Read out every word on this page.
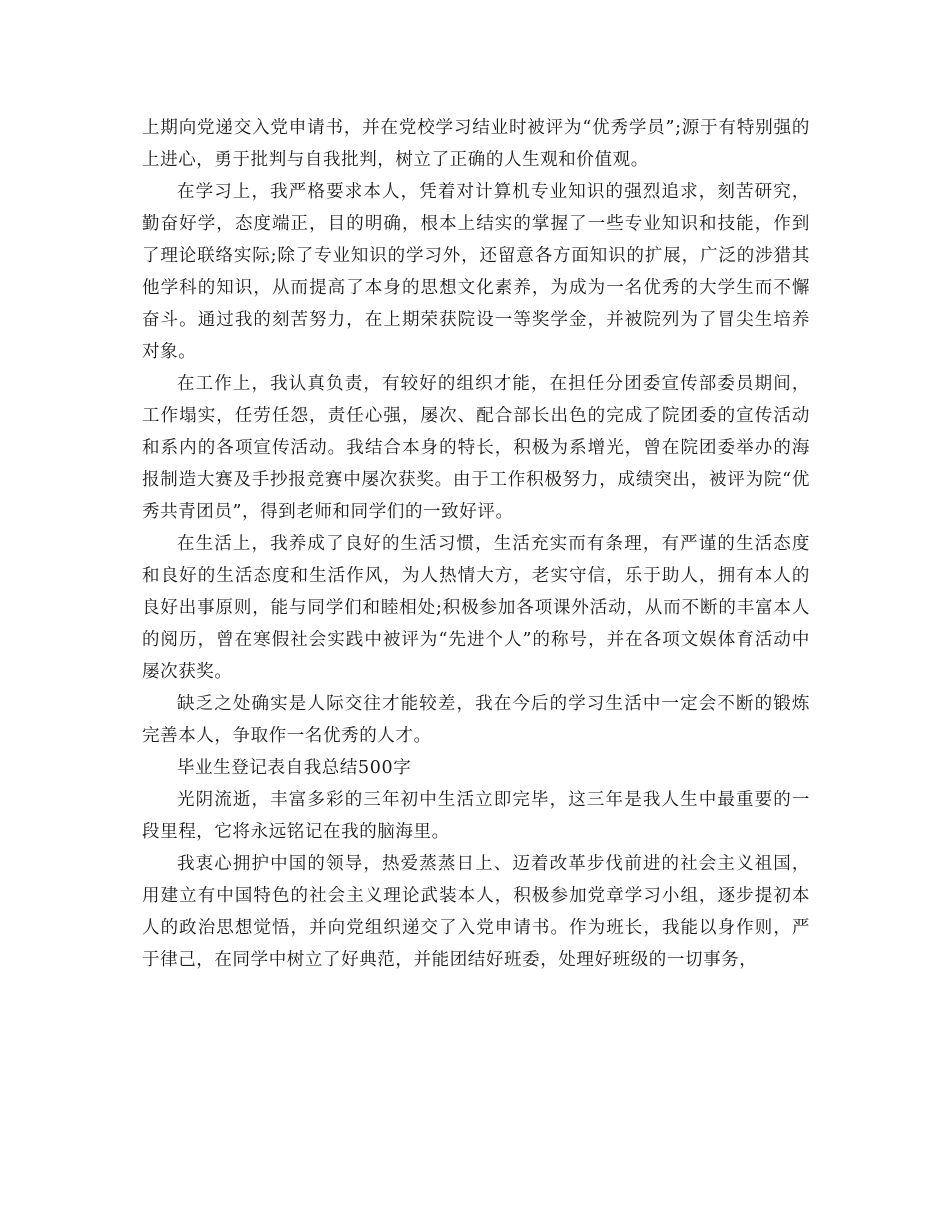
上期向党递交入党申请书，并在党校学习结业时被评为“优秀学员”;源于有特别强的上进心，勇于批判与自我批判，树立了正确的人生观和价值观。

在学习上，我严格要求本人，凭着对计算机专业知识的强烈追求，刻苦研究，勤奋好学，态度端正，目的明确，根本上结实的掌握了一些专业知识和技能，作到了理论联络实际;除了专业知识的学习外，还留意各方面知识的扩展，广泛的涉猎其他学科的知识，从而提高了本身的思想文化素养，为成为一名优秀的大学生而不懈奋斗。通过我的刻苦努力，在上期荣获院设一等奖学金，并被院列为了冒尖生培养对象。

在工作上，我认真负责，有较好的组织才能，在担任分团委宣传部委员期间，工作塌实，任劳任怨，责任心强，屡次、配合部长出色的完成了院团委的宣传活动和系内的各项宣传活动。我结合本身的特长，积极为系增光，曾在院团委举办的海报制造大赛及手抄报竞赛中屡次获奖。由于工作积极努力，成绩突出，被评为院“优秀共青团员”，得到老师和同学们的一致好评。

在生活上，我养成了良好的生活习惯，生活充实而有条理，有严谨的生活态度和良好的生活态度和生活作风，为人热情大方，老实守信，乐于助人，拥有本人的良好出事原则，能与同学们和睦相处;积极参加各项课外活动，从而不断的丰富本人的阅历，曾在寒假社会实践中被评为“先进个人”的称号，并在各项文娱体育活动中屡次获奖。

缺乏之处确实是人际交往才能较差，我在今后的学习生活中一定会不断的锻炼完善本人，争取作一名优秀的人才。

毕业生登记表自我总结500字

光阴流逝，丰富多彩的三年初中生活立即完毕，这三年是我人生中最重要的一段里程，它将永远铭记在我的脑海里。

我衷心拥护中国的领导，热爱蒸蒸日上、迈着改革步伐前进的社会主义祖国，用建立有中国特色的社会主义理论武装本人，积极参加党章学习小组，逐步提初本人的政治思想觉悟，并向党组织递交了入党申请书。作为班长，我能以身作则，严于律己，在同学中树立了好典范，并能团结好班委，处理好班级的一切事务，
